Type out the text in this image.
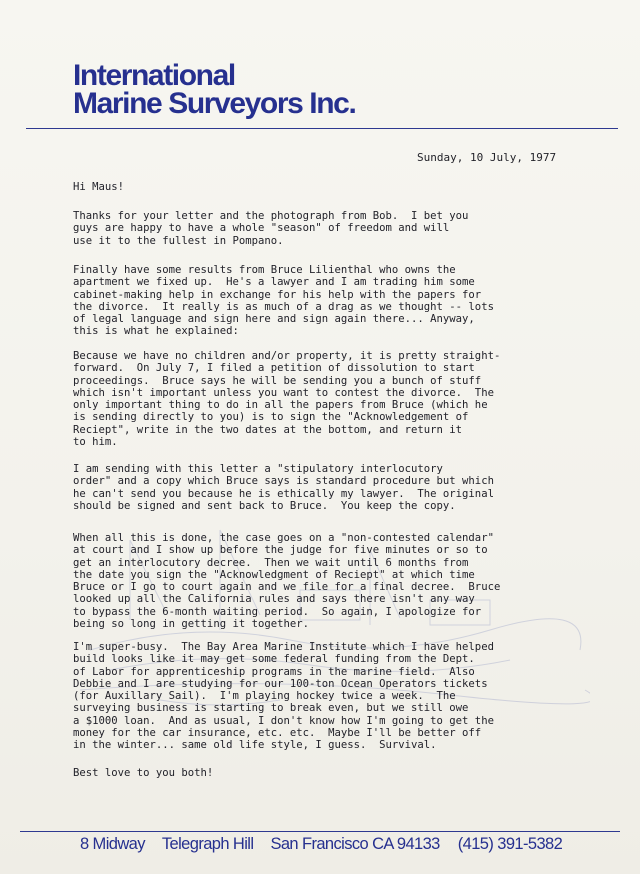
International
Marine Surveyors Inc.
Sunday, 10 July, 1977

Hi Maus!

Thanks for your letter and the photograph from Bob.  I bet you
guys are happy to have a whole "season" of freedom and will
use it to the fullest in Pompano.

Finally have some results from Bruce Lilienthal who owns the
apartment we fixed up.  He's a lawyer and I am trading him some
cabinet-making help in exchange for his help with the papers for
the divorce.  It really is as much of a drag as we thought -- lots
of legal language and sign here and sign again there... Anyway,
this is what he explained:

Because we have no children and/or property, it is pretty straight-
forward.  On July 7, I filed a petition of dissolution to start
proceedings.  Bruce says he will be sending you a bunch of stuff
which isn't important unless you want to contest the divorce.  The
only important thing to do in all the papers from Bruce (which he
is sending directly to you) is to sign the "Acknowledgement of
Reciept", write in the two dates at the bottom, and return it
to him.

I am sending with this letter a "stipulatory interlocutory
order" and a copy which Bruce says is standard procedure but which
he can't send you because he is ethically my lawyer.  The original
should be signed and sent back to Bruce.  You keep the copy.

When all this is done, the case goes on a "non-contested calendar"
at court and I show up before the judge for five minutes or so to
get an interlocutory decree.  Then we wait until 6 months from
the date you sign the "Acknowledgment of Reciept" at which time
Bruce or I go to court again and we file for a final decree.  Bruce
looked up all the California rules and says there isn't any way
to bypass the 6-month waiting period.  So again, I apologize for
being so long in getting it together.

I'm super-busy.  The Bay Area Marine Institute which I have helped
build looks like it may get some federal funding from the Dept.
of Labor for apprenticeship programs in the marine field.  Also
Debbie and I are studying for our 100-ton Ocean Operators tickets
(for Auxillary Sail).  I'm playing hockey twice a week.  The
surveying business is starting to break even, but we still owe
a $1000 loan.  And as usual, I don't know how I'm going to get the
money for the car insurance, etc. etc.  Maybe I'll be better off
in the winter... same old life style, I guess.  Survival.

Best love to you both!

8 Midway Telegraph Hill San Francisco CA 94133 (415) 391-5382
